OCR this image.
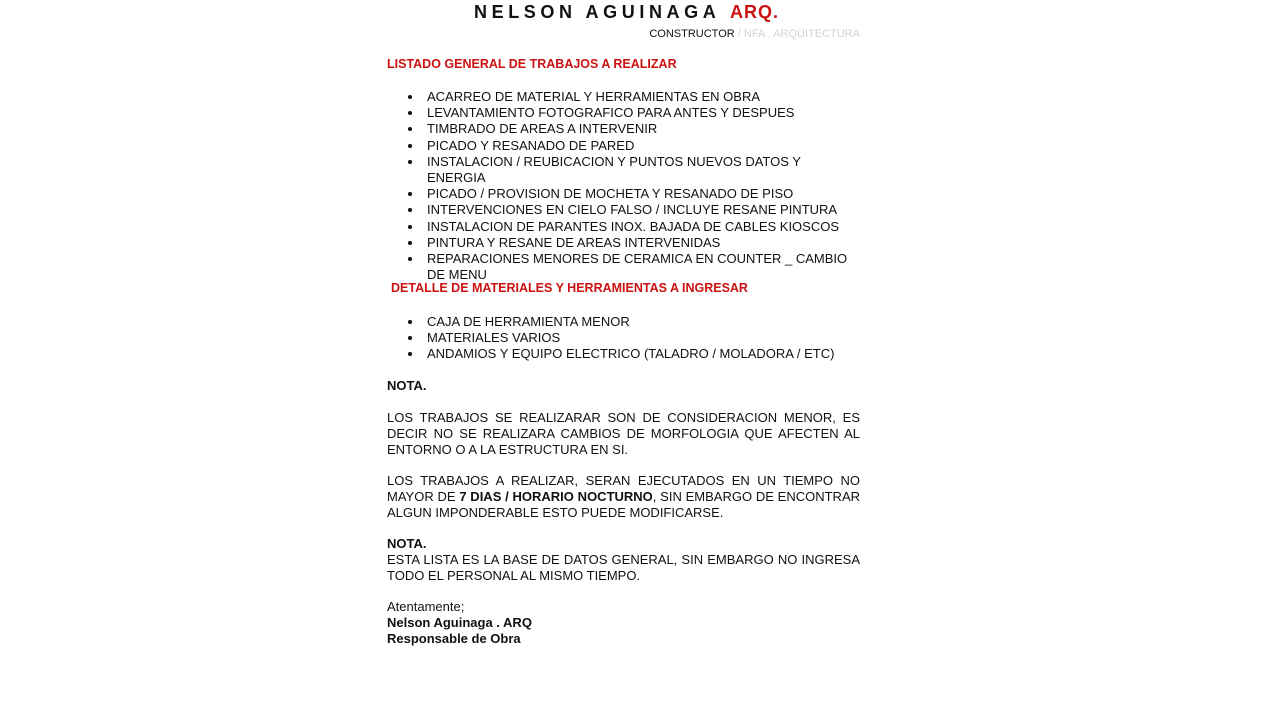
NELSON AGUINAGA ARQ.
CONSTRUCTOR / NFA . ARQUITECTURA
LISTADO GENERAL DE TRABAJOS A REALIZAR
ACARREO DE MATERIAL Y HERRAMIENTAS EN OBRA
LEVANTAMIENTO FOTOGRAFICO PARA ANTES Y DESPUES
TIMBRADO DE AREAS A INTERVENIR
PICADO Y RESANADO DE PARED
INSTALACION / REUBICACION Y PUNTOS NUEVOS DATOS Y ENERGIA
PICADO / PROVISION DE MOCHETA Y RESANADO DE PISO
INTERVENCIONES EN CIELO FALSO / INCLUYE RESANE PINTURA
INSTALACION DE PARANTES INOX. BAJADA DE CABLES KIOSCOS
PINTURA Y RESANE DE AREAS INTERVENIDAS
REPARACIONES MENORES DE CERAMICA EN COUNTER _ CAMBIO DE MENU
DETALLE DE MATERIALES Y HERRAMIENTAS A INGRESAR
CAJA DE HERRAMIENTA MENOR
MATERIALES VARIOS
ANDAMIOS Y EQUIPO ELECTRICO (TALADRO / MOLADORA / ETC)
NOTA.
LOS TRABAJOS SE REALIZARAR SON DE CONSIDERACION MENOR, ES DECIR NO SE REALIZARA CAMBIOS DE MORFOLOGIA QUE AFECTEN AL ENTORNO O A LA ESTRUCTURA EN SI.
LOS TRABAJOS A REALIZAR, SERAN EJECUTADOS EN UN TIEMPO NO MAYOR DE 7 DIAS / HORARIO NOCTURNO, SIN EMBARGO DE ENCONTRAR ALGUN IMPONDERABLE ESTO PUEDE MODIFICARSE.
NOTA.
ESTA LISTA ES LA BASE DE DATOS GENERAL, SIN EMBARGO NO INGRESA TODO EL PERSONAL AL MISMO TIEMPO.
Atentamente;
Nelson Aguinaga . ARQ
Responsable de Obra
